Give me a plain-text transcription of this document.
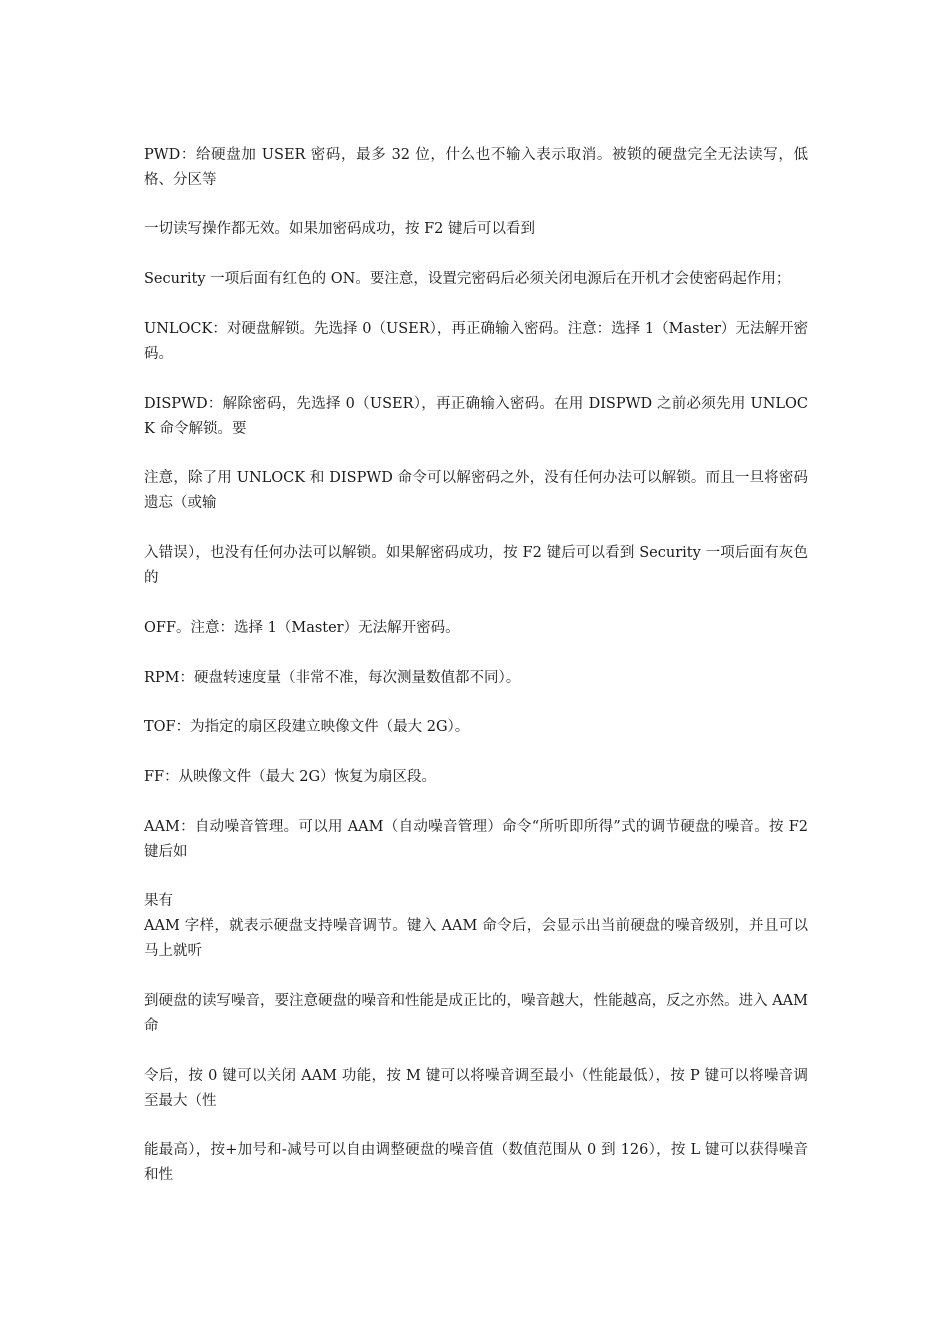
PWD：给硬盘加 USER 密码，最多 32 位，什么也不输入表示取消。被锁的硬盘完全无法读写，低格、分区等

一切读写操作都无效。如果加密码成功，按 F2 键后可以看到

Security 一项后面有红色的 ON。要注意，设置完密码后必须关闭电源后在开机才会使密码起作用；

UNLOCK：对硬盘解锁。先选择 0（USER），再正确输入密码。注意：选择 1（Master）无法解开密码。

DISPWD：解除密码，先选择 0（USER），再正确输入密码。在用 DISPWD 之前必须先用 UNLOCK 命令解锁。要

注意，除了用 UNLOCK 和 DISPWD 命令可以解密码之外，没有任何办法可以解锁。而且一旦将密码遗忘（或输

入错误），也没有任何办法可以解锁。如果解密码成功，按 F2 键后可以看到 Security 一项后面有灰色的

OFF。注意：选择 1（Master）无法解开密码。

RPM：硬盘转速度量（非常不准，每次测量数值都不同）。

TOF：为指定的扇区段建立映像文件（最大 2G）。

FF：从映像文件（最大 2G）恢复为扇区段。

AAM：自动噪音管理。可以用 AAM（自动噪音管理）命令“所听即所得”式的调节硬盘的噪音。按 F2 键后如

果有

AAM 字样，就表示硬盘支持噪音调节。键入 AAM 命令后，会显示出当前硬盘的噪音级别，并且可以马上就听

到硬盘的读写噪音，要注意硬盘的噪音和性能是成正比的，噪音越大，性能越高，反之亦然。进入 AAM 命

令后，按 0 键可以关闭 AAM 功能，按 M 键可以将噪音调至最小（性能最低），按 P 键可以将噪音调至最大（性

能最高），按+加号和-减号可以自由调整硬盘的噪音值（数值范围从 0 到 126），按 L 键可以获得噪音和性
